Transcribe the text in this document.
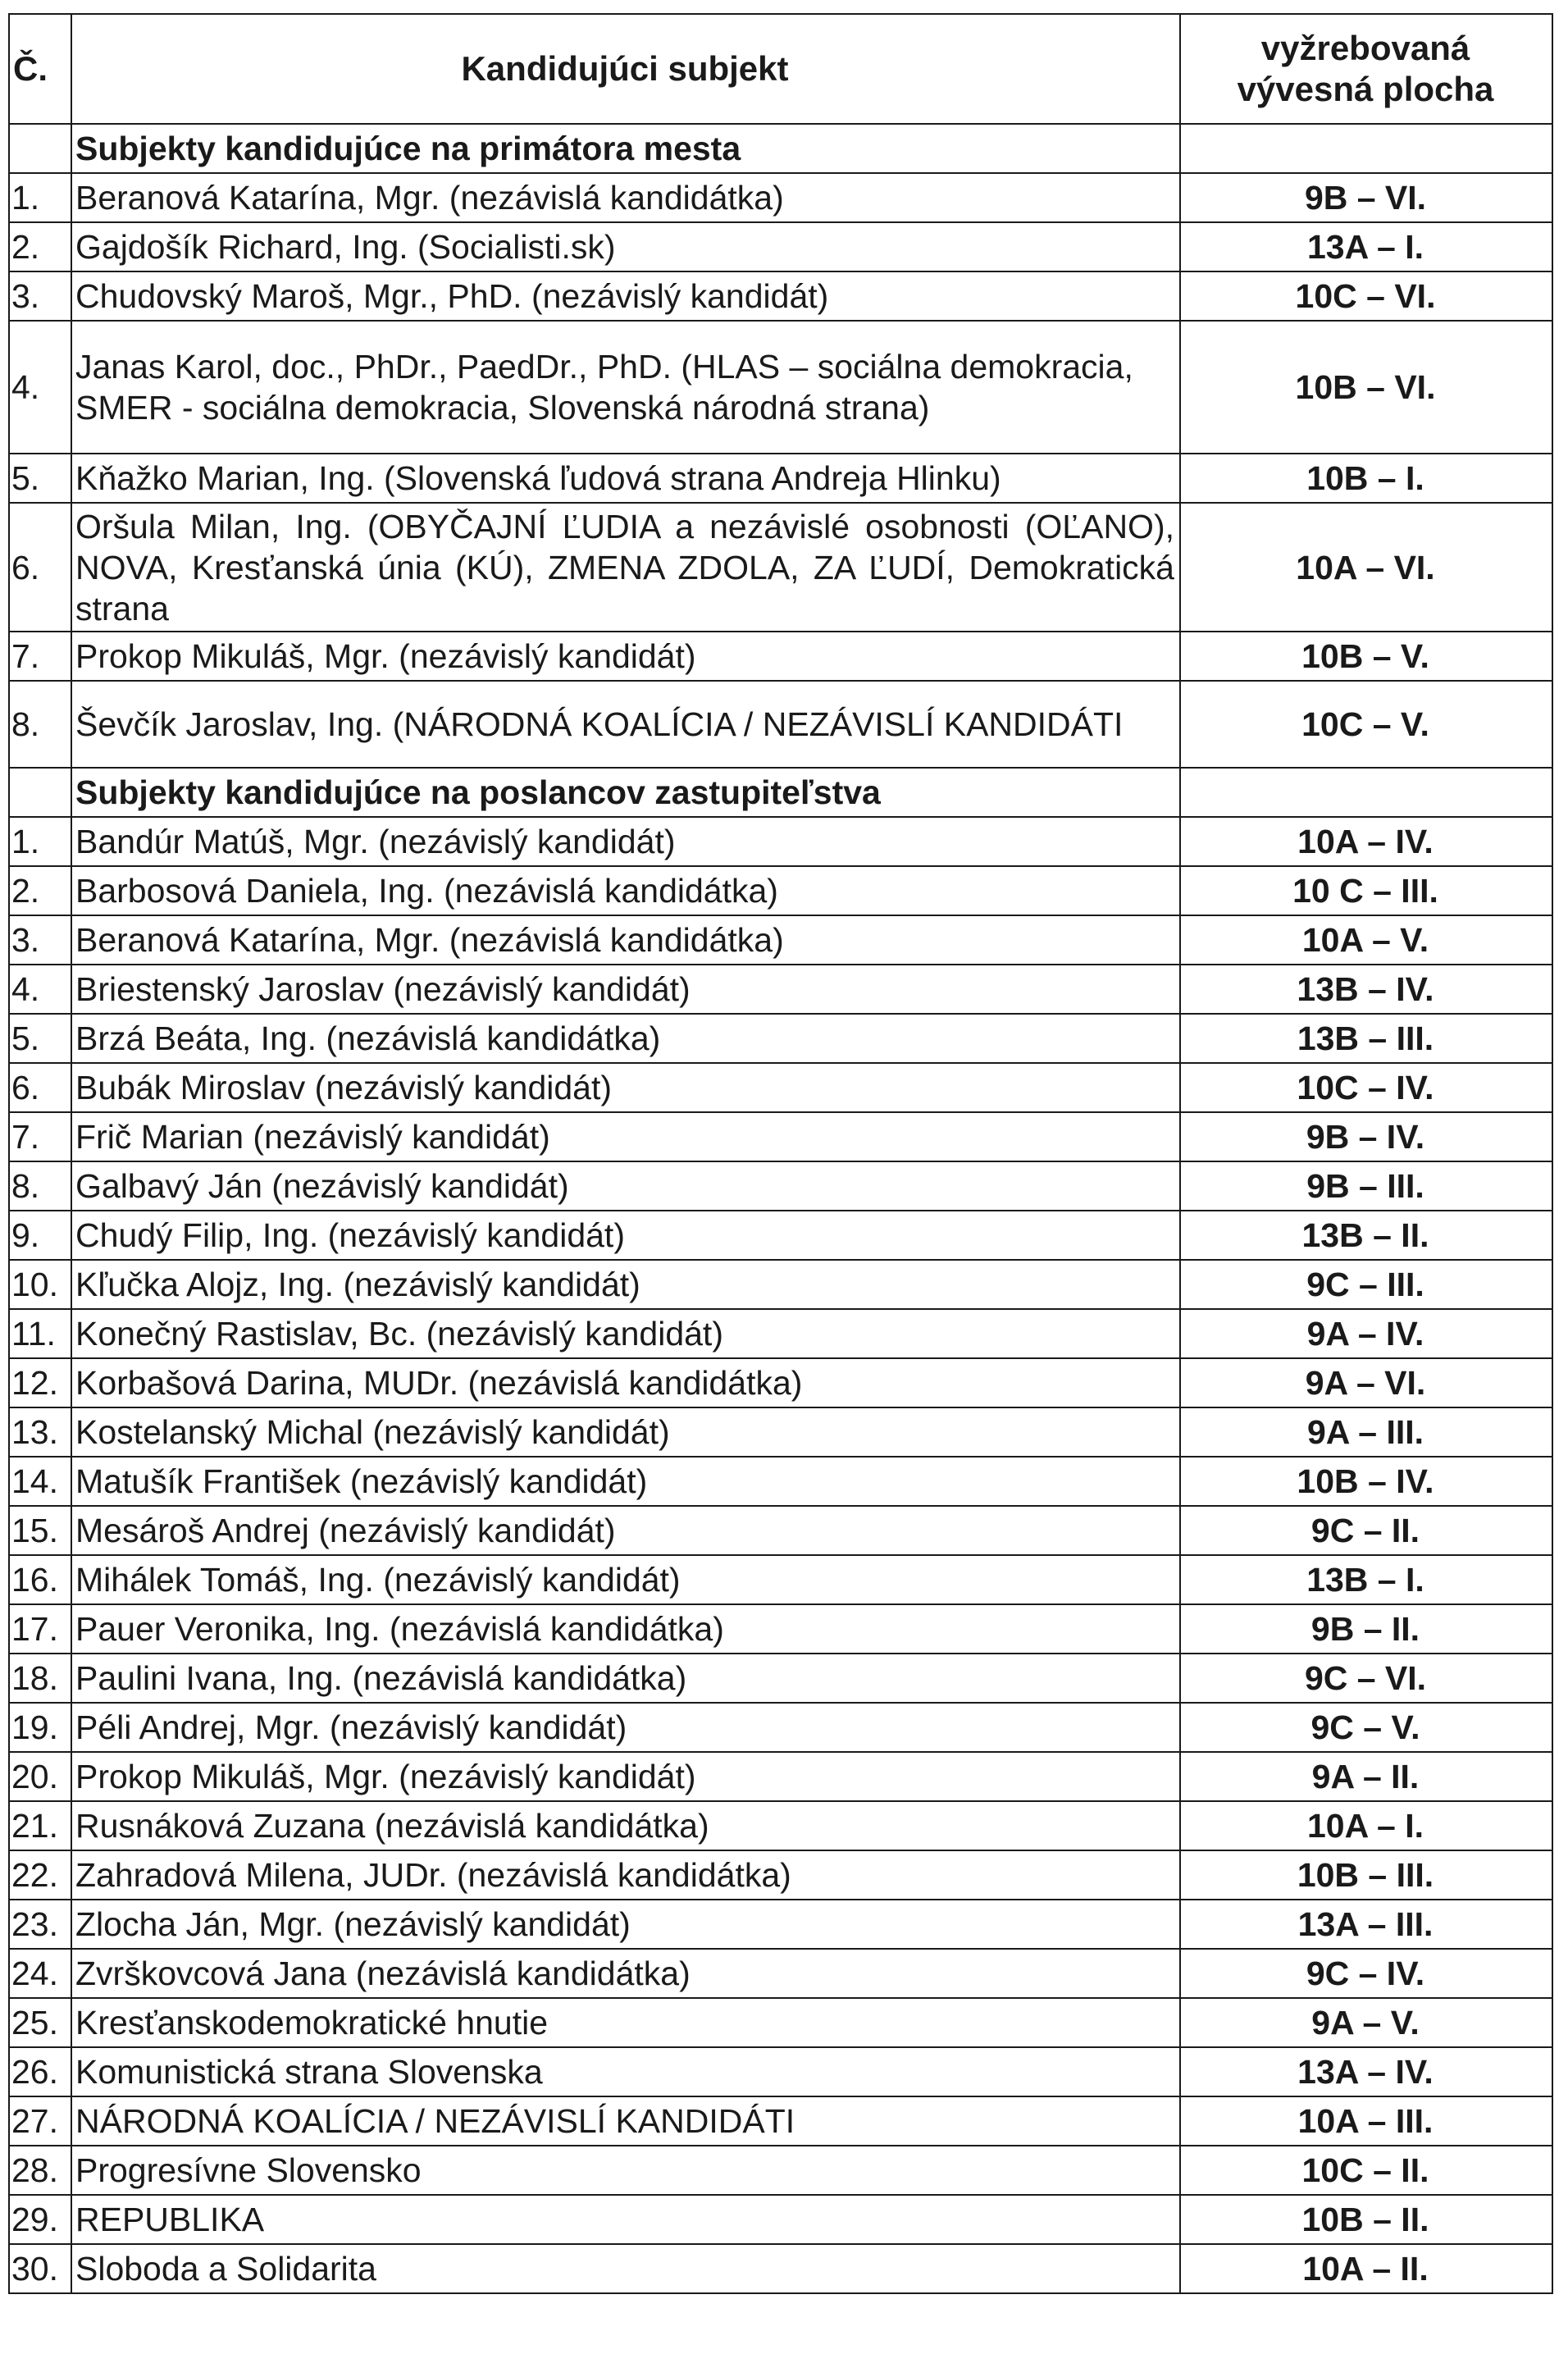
Č.	Kandidujúci subjekt	vyžrebovaná
vývesná plocha

	Subjekty kandidujúce na primátora mesta	
1.	Beranová Katarína, Mgr. (nezávislá kandidátka)	9B – VI.
2.	Gajdošík Richard, Ing. (Socialisti.sk)	13A – I.
3.	Chudovský Maroš, Mgr., PhD. (nezávislý kandidát)	10C – VI.
4.	Janas Karol, doc., PhDr., PaedDr., PhD. (HLAS – sociálna demokracia, SMER - sociálna demokracia, Slovenská národná strana)	10B – VI.
5.	Kňažko Marian, Ing. (Slovenská ľudová strana Andreja Hlinku)	10B – I.
6.	Oršula Milan, Ing. (OBYČAJNÍ ĽUDIA a nezávislé osobnosti (OĽANO), NOVA, Kresťanská únia (KÚ), ZMENA ZDOLA, ZA ĽUDÍ, Demokratická strana	10A – VI.
7.	Prokop Mikuláš, Mgr. (nezávislý kandidát)	10B – V.
8.	Ševčík Jaroslav, Ing. (NÁRODNÁ KOALÍCIA / NEZÁVISLÍ KANDIDÁTI	10C – V.
	Subjekty kandidujúce na poslancov zastupiteľstva	
1.	Bandúr Matúš, Mgr. (nezávislý kandidát)	10A – IV.
2.	Barbosová Daniela, Ing. (nezávislá kandidátka)	10 C – III.
3.	Beranová Katarína, Mgr. (nezávislá kandidátka)	10A – V.
4.	Briestenský Jaroslav (nezávislý kandidát)	13B – IV.
5.	Brzá Beáta, Ing. (nezávislá kandidátka)	13B – III.
6.	Bubák Miroslav (nezávislý kandidát)	10C – IV.
7.	Frič Marian (nezávislý kandidát)	9B – IV.
8.	Galbavý Ján (nezávislý kandidát)	9B – III.
9.	Chudý Filip, Ing. (nezávislý kandidát)	13B – II.
10.	Kľučka Alojz, Ing. (nezávislý kandidát)	9C – III.
11.	Konečný Rastislav, Bc. (nezávislý kandidát)	9A – IV.
12.	Korbašová Darina, MUDr. (nezávislá kandidátka)	9A – VI.
13.	Kostelanský Michal (nezávislý kandidát)	9A – III.
14.	Matušík František (nezávislý kandidát)	10B – IV.
15.	Mesároš Andrej (nezávislý kandidát)	9C – II.
16.	Mihálek Tomáš, Ing. (nezávislý kandidát)	13B – I.
17.	Pauer Veronika, Ing. (nezávislá kandidátka)	9B – II.
18.	Paulini Ivana, Ing. (nezávislá kandidátka)	9C – VI.
19.	Péli Andrej, Mgr. (nezávislý kandidát)	9C – V.
20.	Prokop Mikuláš, Mgr. (nezávislý kandidát)	9A – II.
21.	Rusnáková Zuzana (nezávislá kandidátka)	10A – I.
22.	Zahradová Milena, JUDr. (nezávislá kandidátka)	10B – III.
23.	Zlocha Ján, Mgr. (nezávislý kandidát)	13A – III.
24.	Zvrškovcová Jana (nezávislá kandidátka)	9C – IV.
25.	Kresťanskodemokratické hnutie	9A – V.
26.	Komunistická strana Slovenska	13A – IV.
27.	NÁRODNÁ KOALÍCIA / NEZÁVISLÍ KANDIDÁTI	10A – III.
28.	Progresívne Slovensko	10C – II.
29.	REPUBLIKA	10B – II.
30.	Sloboda a Solidarita	10A – II.
